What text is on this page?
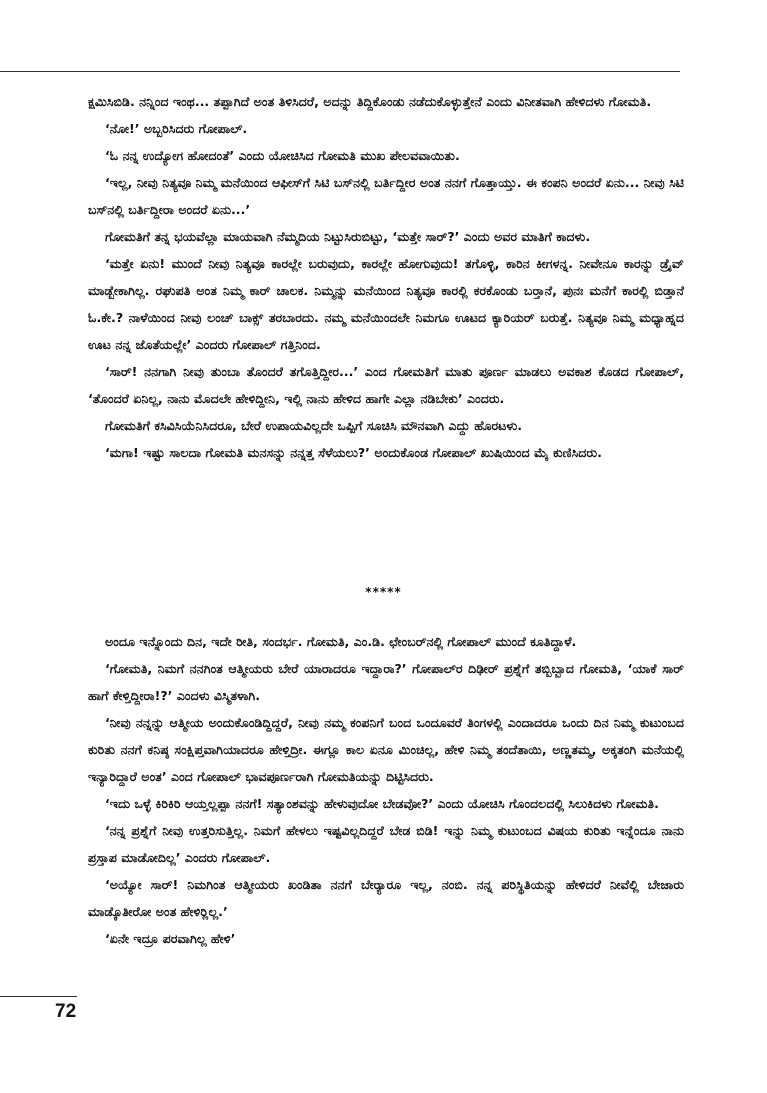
ಕ್ಷಮಿಸಿಬಿಡಿ. ನನ್ನಿಂದ ಇಂಥ... ತಪ್ಪಾಗಿದೆ ಅಂತ ತಿಳಿಸಿದರೆ, ಅದನ್ನು ತಿದ್ದಿಕೊಂಡು ನಡೆದುಕೊಳ್ಳುತ್ತೇನೆ ಎಂದು ವಿನೀತವಾಗಿ ಹೇಳಿದಳು ಗೋಮತಿ.

‘ನೋ!’ ಅಬ್ಬರಿಸಿದರು ಗೋಪಾಲ್.

‘ಓ ನನ್ನ ಉದ್ಯೋಗ ಹೋದಂತೆ’ ಎಂದು ಯೋಚಿಸಿದ ಗೋಮತಿ ಮುಖ ಪೇಲವವಾಯಿತು.

‘ಇಲ್ಲ, ನೀವು ನಿತ್ಯವೂ ನಿಮ್ಮ ಮನೆಯಿಂದ ಆಫೀಸ್‌ಗೆ ಸಿಟಿ ಬಸ್‌ನಲ್ಲಿ ಬರ್ತಿದ್ದೀರ ಅಂತ ನನಗೆ ಗೊತ್ತಾಯ್ತು. ಈ ಕಂಪನಿ ಅಂದರೆ ಏನು... ನೀವು ಸಿಟಿ ಬಸ್‌ನಲ್ಲಿ ಬರ್ತಿದ್ದೀರಾ ಅಂದರೆ ಏನು...’

ಗೋಮತಿಗೆ ತನ್ನ ಭಯವೆಲ್ಲಾ ಮಾಯವಾಗಿ ನೆಮ್ಮದಿಯ ನಿಟ್ಟುಸಿರುಬಿಟ್ಟು, ‘ಮತ್ತೇ ಸಾರ್?’ ಎಂದು ಅವರ ಮಾತಿಗೆ ಕಾದಳು.

‘ಮತ್ತೇ ಏನು! ಮುಂದೆ ನೀವು ನಿತ್ಯವೂ ಕಾರಲ್ಲೇ ಬರುವುದು, ಕಾರಲ್ಲೇ ಹೋಗುವುದು! ತಗೊಳ್ಳಿ, ಕಾರಿನ ಕೀಗಳನ್ನ. ನೀವೇನೂ ಕಾರನ್ನು ಡ್ರೈವ್ ಮಾಡ್ಬೇಕಾಗಿಲ್ಲ. ರಘುಪತಿ ಅಂತ ನಿಮ್ಮ ಕಾರ್ ಚಾಲಕ. ನಿಮ್ಮನ್ನು ಮನೆಯಿಂದ ನಿತ್ಯವೂ ಕಾರಲ್ಲಿ ಕರಕೊಂಡು ಬರ್‍ತಾನೆ, ಪುನಃ ಮನೆಗೆ ಕಾರಲ್ಲಿ ಬಿಡ್ತಾನೆ ಓ.ಕೇ.? ನಾಳೆಯಿಂದ ನೀವು ಲಂಚ್ ಬಾಕ್ಸ್ ತರಬಾರದು. ನಮ್ಮ ಮನೆಯಿಂದಲೇ ನಿಮಗೂ ಊಟದ ಕ್ಯಾರಿಯರ್ ಬರುತ್ತೆ. ನಿತ್ಯವೂ ನಿಮ್ಮ ಮಧ್ಯಾಹ್ನದ ಊಟ ನನ್ನ ಜೊತೆಯಲ್ಲೇ’ ಎಂದರು ಗೋಪಾಲ್ ಗತ್ತಿನಿಂದ.

‘ಸಾರ್! ನನಗಾಗಿ ನೀವು ತುಂಬಾ ತೊಂದರೆ ತಗೊತ್ತಿದ್ದೀರ...’ ಎಂದ ಗೋಮತಿಗೆ ಮಾತು ಪೂರ್ಣ ಮಾಡಲು ಅವಕಾಶ ಕೊಡದ ಗೋಪಾಲ್, ‘ತೊಂದರೆ ಏನಿಲ್ಲ, ನಾನು ಮೊದಲೇ ಹೇಳಿದ್ದೀನಿ, ಇಲ್ಲಿ ನಾನು ಹೇಳಿದ ಹಾಗೇ ಎಲ್ಲಾ ನಡಿಬೇಕು’ ಎಂದರು.

ಗೋಮತಿಗೆ ಕಸಿವಿಸಿಯೆನಿಸಿದರೂ, ಬೇರೆ ಉಪಾಯವಿಲ್ಲದೇ ಒಪ್ಪಿಗೆ ಸೂಚಿಸಿ ಮೌನವಾಗಿ ಎದ್ದು ಹೊರಟಳು.

‘ಮಗಾ! ಇಷ್ಟು ಸಾಲದಾ ಗೋಮತಿ ಮನಸನ್ನು ನನ್ನತ್ತ ಸೆಳೆಯಲು?’ ಅಂದುಕೊಂಡ ಗೋಪಾಲ್ ಖುಷಿಯಿಂದ ಮೈ ಕುಣಿಸಿದರು.

*****

ಅಂದೂ ಇನ್ನೊಂದು ದಿನ, ಇದೇ ರೀತಿ, ಸಂದರ್ಭ. ಗೋಮತಿ, ಎಂ.ಡಿ. ಛೇಂಬರ್‌ನಲ್ಲಿ ಗೋಪಾಲ್ ಮುಂದೆ ಕೂತಿದ್ದಾಳೆ.

‘ಗೋಮತಿ, ನಿಮಗೆ ನನಗಿಂತ ಆತ್ಮೀಯರು ಬೇರೆ ಯಾರಾದರೂ ಇದ್ದಾರಾ?’ ಗೋಪಾಲ್‌ರ ದಿಢೀರ್ ಪ್ರಶ್ನೆಗೆ ತಬ್ಬಿಬ್ಬಾದ ಗೋಮತಿ, ‘ಯಾಕೆ ಸಾರ್ ಹಾಗೆ ಕೇಳ್ತಿದ್ದೀರಾ!?’ ಎಂದಳು ವಿಸ್ಮಿತಳಾಗಿ.

‘ನೀವು ನನ್ನನ್ನು ಆತ್ಮೀಯ ಅಂದುಕೊಂಡಿದ್ದಿದ್ದರೆ, ನೀವು ನಮ್ಮ ಕಂಪನಿಗೆ ಬಂದ ಒಂದೂವರೆ ತಿಂಗಳಲ್ಲಿ ಎಂದಾದರೂ ಒಂದು ದಿನ ನಿಮ್ಮ ಕುಟುಂಬದ ಕುರಿತು ನನಗೆ ಕನಿಷ್ಠ ಸಂಕ್ಷಿಪ್ತವಾಗಿಯಾದರೂ ಹೇಳ್ತಿದ್ರೀ. ಈಗ್ಲೂ ಕಾಲ ಏನೂ ಮಿಂಚಿಲ್ಲ, ಹೇಳಿ ನಿಮ್ಮ ತಂದೆತಾಯಿ, ಅಣ್ಣತಮ್ಮ, ಅಕ್ಕತಂಗಿ ಮನೆಯಲ್ಲಿ ಇನ್ಯಾರಿದ್ದಾರೆ ಅಂತ’ ಎಂದ ಗೋಪಾಲ್ ಭಾವಪೂರ್ಣರಾಗಿ ಗೋಮತಿಯನ್ನು ದಿಟ್ಟಿಸಿದರು.

‘ಇದು ಒಳ್ಳೆ ಕಿರಿಕಿರಿ ಆಯ್ತಲ್ಲಪ್ಪಾ ನನಗೆ! ಸತ್ಯಾಂಶವನ್ನು ಹೇಳುವುದೋ ಬೇಡವೋ?’ ಎಂದು ಯೋಚಿಸಿ ಗೊಂದಲದಲ್ಲಿ ಸಿಲುಕಿದಳು ಗೋಮತಿ.

‘ನನ್ನ ಪ್ರಶ್ನೆಗೆ ನೀವು ಉತ್ತರಿಸುತ್ತಿಲ್ಲ. ನಿಮಗೆ ಹೇಳಲು ಇಷ್ಟವಿಲ್ಲದಿದ್ದರೆ ಬೇಡ ಬಿಡಿ! ಇನ್ನು ನಿಮ್ಮ ಕುಟುಂಬದ ವಿಷಯ ಕುರಿತು ಇನ್ನೆಂದೂ ನಾನು ಪ್ರಸ್ತಾಪ ಮಾಡೋದಿಲ್ಲ’ ಎಂದರು ಗೋಪಾಲ್.

‘ಅಯ್ಯೋ ಸಾರ್! ನಿಮಗಿಂತ ಆತ್ಮೀಯರು ಖಂಡಿತಾ ನನಗೆ ಬೇರ್‍ಯಾರೂ ಇಲ್ಲ, ನಂಬಿ. ನನ್ನ ಪರಿಸ್ಥಿತಿಯನ್ನು ಹೇಳಿದರೆ ನೀವೆಲ್ಲಿ ಬೇಜಾರು ಮಾಡ್ಕೊತೀರೋ ಅಂತ ಹೇಳಿರ್‍ಲಿಲ್ಲ.’

‘ಏನೇ ಇದ್ರೂ ಪರವಾಗಿಲ್ಲ ಹೇಳಿ’

72
